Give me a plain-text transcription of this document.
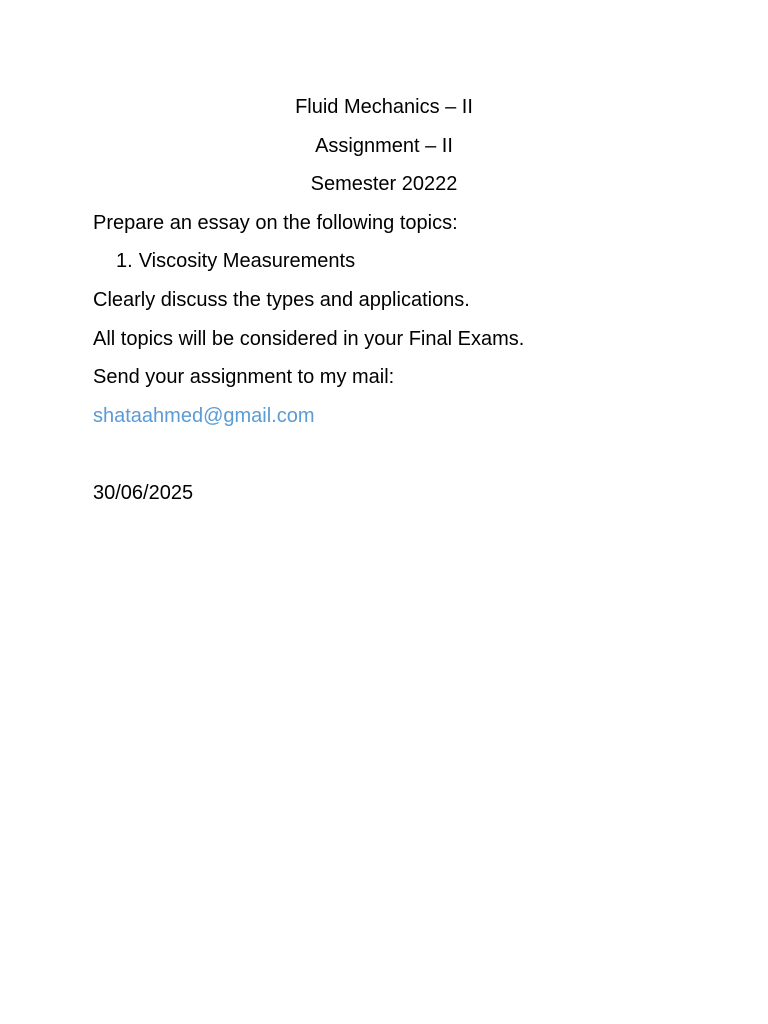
Fluid Mechanics – II
Assignment – II
Semester 20222
Prepare an essay on the following topics:
1. Viscosity Measurements
Clearly discuss the types and applications.
All topics will be considered in your Final Exams.
Send your assignment to my mail:
shataahmed@gmail.com
30/06/2025
